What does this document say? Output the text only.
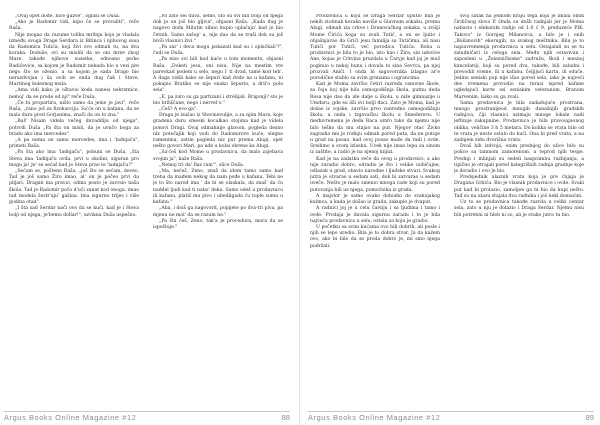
„Ovaj opet dođe, hiće gužve", oglasi se Duša.

„Ako je Radomir vidi, kipo će se provaliti", reče Raša.

Nije mogao da razume toliku mržnju koja je vladala između ovoga Drage Serdara iz Bitinca i njihovog susa da Radomira Tutića, koji živi ovo odmah tu, na dva koraka. Doduše, svi su mislili da se oni mrze zbog Mare, takođe njihove susetke, odnosno pe/ko Radićevice, sa kojom je Radomir nekada bio u vezi pre nego što se oženio, a sa kojom je sada Drago bio nerazdvojan i ša ovih se onda dug čak i Steve, Martinog bolesnog mula.

„Ama vidi kako je oštavio koda nanesi nekrstnice, nemoj' da se prode od nji" reče Duša.

„Če bi proparlira, ništo samo da jeme je javi", reče Raša, „rano još za fizokarciju. Sa'će on u kafanu, da se malo dura pred Gorjanima, znači da on to zna."

„Bal! Nisam videla večeg duvaddiju od njega", potvrdi Duša „Pa šta on misli, da je uvučo boga za bradu ako ima mercedes".

„A pa nema on samo mercedes, ima i 'ladnjaču", primeti Raša.

„Pa šta ako ima 'ladnjaču", pobuni se Duša, „šta Steva ima 'ladnjaču ovda, prvi u okolini, siguran pro mogu ja! Je' se sećaš kad je Steva prao te 'ladnjaču?"

„Sećam se, pošteno Raša, „još što se sećam, doveo. Tad je još samo Žiro imao, al' on je počeo prvi da piljari. Dragan ma pravio, odma posto je zavrsio naša škola. Tad je Radomir počo d'uči zanat kod onoga, imao tad modela šestr'aju' gašina. Ima sigurno trijes i više godina otad".

„I šta sad Serdar nači ovo da se kući, kad je i Steva bolji od njega, je'bemu dollar!", uzvikna Duša uspešno.

„Pa zato sei duva, šemo, što su svi bili bolji od njega dok je on još bio gljiva", objasni Raša. „Kada dug je nagovo doda Milutin sibno kupio oplaćaju' kad je bio četnik. Samo zašop' a, nije dao da se truši dok su još bivši vlasnici živi."

„Pa zar' i deca mogu pokazati kad su i oplaćkali'?", čudi se Duša.

„Pa niso svi bili kod kuće u tom momentu, objasni Raša. „Doketi jesu, oni nisu. Nije na mestim vre parevkad podem u selo, negu i' ti dvad, tamé kod teb'. A daga vidili kako se šepuri kad dode na u kafanu, ni pokajno Bratiko se nije onako šepurio, a dril'o pola sela".

„E, pa zato su ga partizani i strelijali. Brigonji? sto je bio bržišćane, nego i nervel'o."

„Ćeš? A evo ga".

Draga je izašao iz Stevinevulije, a za njim Mara, koje gradena daru smeski kocalkao stojima kad je videla ponovi Dragi. Ovaj odmahnije glavom, pogleda desno niz potočajik koji vodi do Radomirove kuće, slegne ramenima, zatim pogleda niz put prema Alugi, opet nešto govori Mari, pa ude u kolai okrene ka Alugi.

„Sa'ćeš kod Mome u prodavnicu, da malo zajebava svojim ja", kaže Raša.

„Nemoj tri da' Ilaz ram'", slice Duša.

„Ma, nećeš, Zeno, znaš da idem tamo samo kad treba da mađem nekog da nam pođe u kafanu. Tebi ne je to što narođ ima ' da bi se olaskala, da znaš' da ću naddel ljudi kad ti nabo' deka. Samo odeš u prodavnicu ili kafanu, platiš mu pivo i ubedilgada ću tople sumu u kafanu."

„Aha, i doiš ga nagovorit, popijete po dva-tri piva, pa mjenu ne mol' da se razum ne."

„Pa šta ćeš, Zeno, tak'a je procedura, mora da se ispoštuje."

Argus Books Online Magazine #12	88

Prodavnica u koju se Draga Serdar uputio bila je nekih stotinak koraka naviše u Glavnom sokaku, prema Alugi, odmah iza crkve i Dranovačkog sokaka, u zvišji Mome Čirića koga su zvali Tutić, a on se ljutio i objašnjavao da Grići jesu familija sa Tutićima, ali nisu Tutići por Tutići, već porodica Tutića. Roba u prodavnici je bila to je bio, isto kao i Žira, sin udovice Ane, kojaa je Crkvina pruzdala u Čaryje kad joj je muž poginuo u nekoj bunu i dovala to sina Sevrca, pa njoj prozvali Aniči. I onda bi sagovornika izlagao ar'e porodične stablo sa svim granama i ograncima.

Kad je Moma završio četiri razreda osnovne škole, za čeju koj nije bila osmogodišnja škola, putnu deda Rosa nije dao da ide dalje u školu, u niže gimnazije u Umđaru, gde su išli svi bolji đaci. Zato je Moma, kad je došao iz vojske, završio prvo vanredno osmogodišnju školu, a onda i trgovačku školu u Smederevu. U međuvremenu je deda Raca umro tako da njemu nije bilo teško da mu stajao na put. Njegov otac Živko zagradio mu je rodnju odmah pored puta, da ne putuje u grad na posao, kad ovoj posao može da radi i ovde. Sredimo u svom izlasku. Uvek nije imao lepu sa sinom iz zaštite, a radio je na njenoj knjizi.

Kad je na zadatku reče da ovog u prodavnici, a ako nije zaradio dobro, odradio je što i velike uobičajne, odlazak u grad, obavio narodne i ljudske stvari. Svakog jutra je otvarao u sedam sati, dok bi zatvarao u sedam uveče. Nešto je malo smenio mnoga rade koji su pored putovanja bili uz njega, pomoćnika iz grada.

A majstor je samo ovako dohodio do svakojakog kulmca, a kada je došao iz grada, zakupio je dvaput.

A radnici joj je u celu čarsiju i sa ljudima i tamo i ovde. Prodaja je davala sigurnu zaradu i to je bila najveća prodavnica u selu, ostala za koju je gradio.

U početku sa svim kućama ovo bili dobrih, ali posle i njih se lepo uredio. Bila je to dobra stvar. Ja da kažem ovo, ako bi bilo da se proda dobro je, mi smo njega podržali.

svoj šatak na jednom kraju tega koja je imala oblik čiriličnog slova P. Onda su došli radnjali jer je Moma nabavio i elekarski radijo od 1.0 ć 9, preduzeće PIK, Takovo" iz Gornjeg Milanovca, a bilo je i onih „Bušanovih" ekerugih, za svakog meštnika. Bila je to najsavremenija prodavnica u selu. Ostajalali su se tu zaludničari iz celoga sela. Među njih ostavivan i zaposleni u „Železničkome" zadružu, školi i mesnoj kancelariji, koji su pored dva, takođe, bili zaludni i prevodili vreme, ili u kafanu, čeljijući kartu, ili oduće. Jedino seniski pop nije išao pored sela, iako je najveći deo vremena provodio na terasi ispred kafane ugledajući karte ssi seniskim veteranom, Branom Marvenim, laiko su ga zvali.

Sama prodavnica je bila zadadujuće prostrana, mnogo prostranijeod mnogih današnjih gradskih radnjica, čiji vlasnici uzimaju mnoge lokale nadi jeftinije zakupnine. Prodavnica je bila pravougaonog oblika, veličine 3 h 5 metara. Do kolika se vrata bilo od te vrata je nesto ostalo do kući. Ona bi pred vrata, a na zadnjem zidu dvorišna vrata.

Dvaš kih izdvoja, onim predujog do ulice bilo su police sa tamnom zamorenom, a teprod njih tesge. Prednji i mlinjali su sedeli naspramnu razbijanju, a tipično je otrajali pored kalegrišnih radnja gradnje koje je doradio i ovo je bio.

Predsjednik ulaznih vrata koja je pre ćnjiga je Dragana Grbića. Bio je vlasnik prodavnice i ovde. Svaki put kad bi prolazio, zamoljen ga bi bio da kupi nešto. Tad su na ulazu stajala dva radnika i još neki domaćini.

Uz to se prodavnica takođe razvila u veliki centar sela, zato u nju je dolazio i Draga Serdar. Njemu nisu bili potrebni ni hleb ni so, ali je svako jutro tu bio.

Argus Books Online Magazine #12	89
